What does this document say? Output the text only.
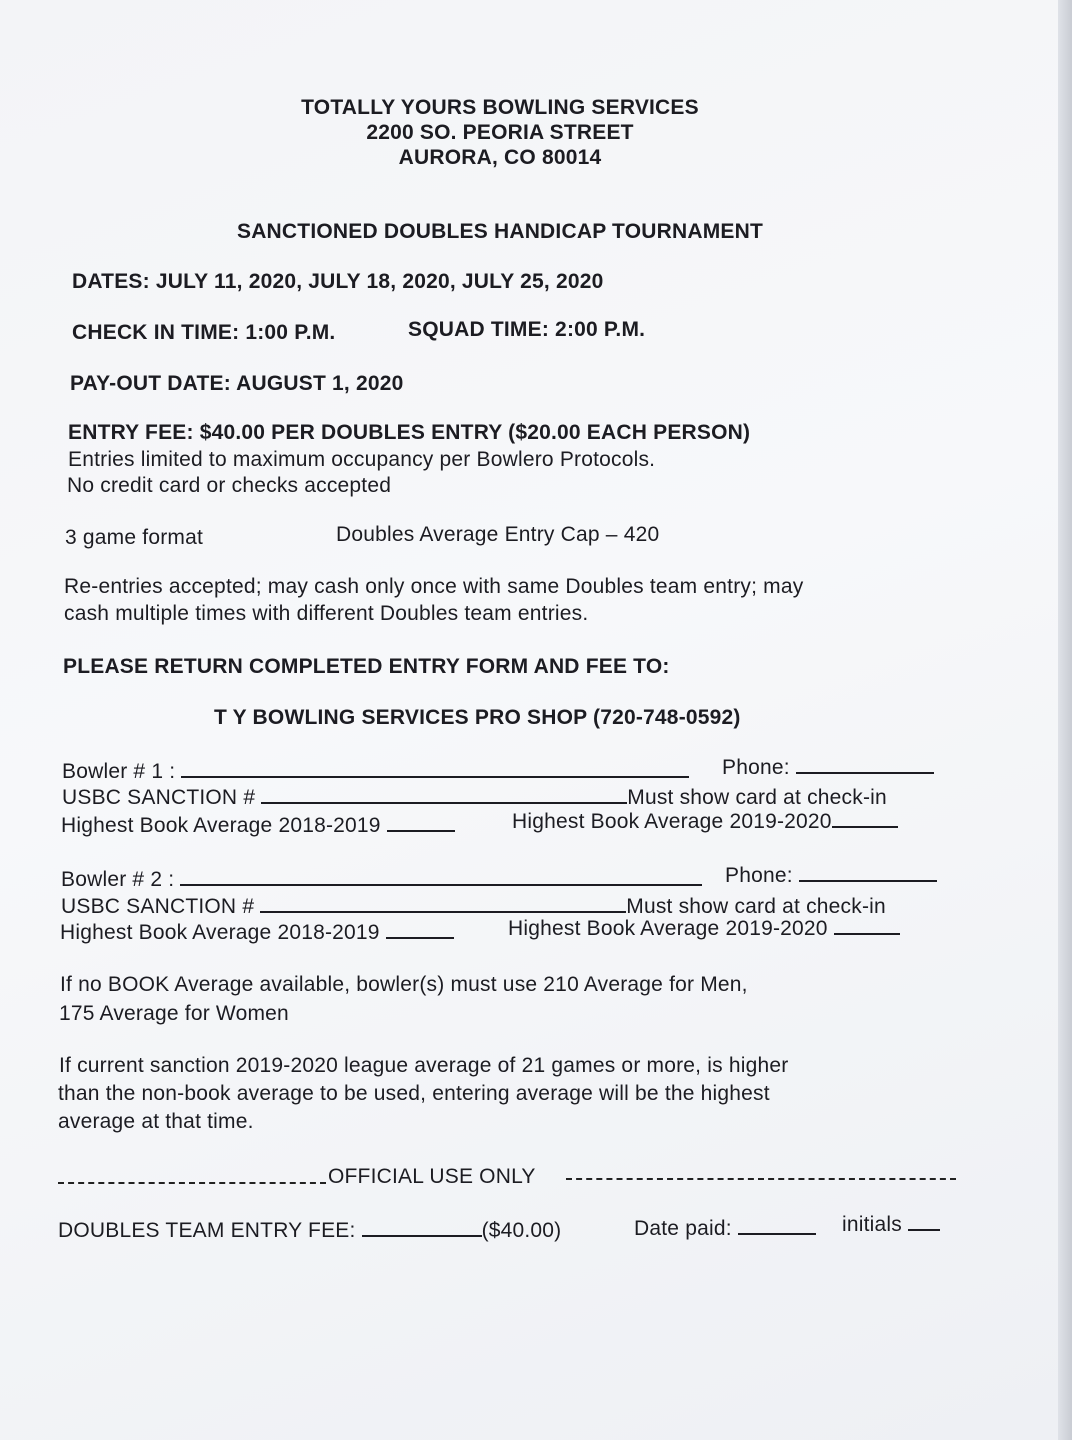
TOTALLY YOURS BOWLING SERVICES
2200 SO. PEORIA STREET
AURORA, CO 80014
SANCTIONED DOUBLES HANDICAP TOURNAMENT
DATES: JULY 11, 2020, JULY 18, 2020, JULY 25, 2020
CHECK IN TIME: 1:00 P.M.	SQUAD TIME: 2:00 P.M.
PAY-OUT DATE: AUGUST 1, 2020
ENTRY FEE: $40.00 PER DOUBLES ENTRY ($20.00 EACH PERSON)
Entries limited to maximum occupancy per Bowlero Protocols.
No credit card or checks accepted
3 game format	Doubles Average Entry Cap – 420
Re-entries accepted; may cash only once with same Doubles team entry; may
cash multiple times with different Doubles team entries.
PLEASE RETURN COMPLETED ENTRY FORM AND FEE TO:
T Y BOWLING SERVICES PRO SHOP (720-748-0592)
Bowler # 1 :	Phone:
USBC SANCTION #	Must show card at check-in
Highest Book Average 2018-2019	Highest Book Average 2019-2020
Bowler # 2 :	Phone:
USBC SANCTION #	Must show card at check-in
Highest Book Average 2018-2019	Highest Book Average 2019-2020
If no BOOK Average available, bowler(s) must use 210 Average for Men,
175 Average for Women
If current sanction 2019-2020 league average of 21 games or more, is higher
than the non-book average to be used, entering average will be the highest
average at that time.
OFFICIAL USE ONLY
DOUBLES TEAM ENTRY FEE:	($40.00)	Date paid:	initials
